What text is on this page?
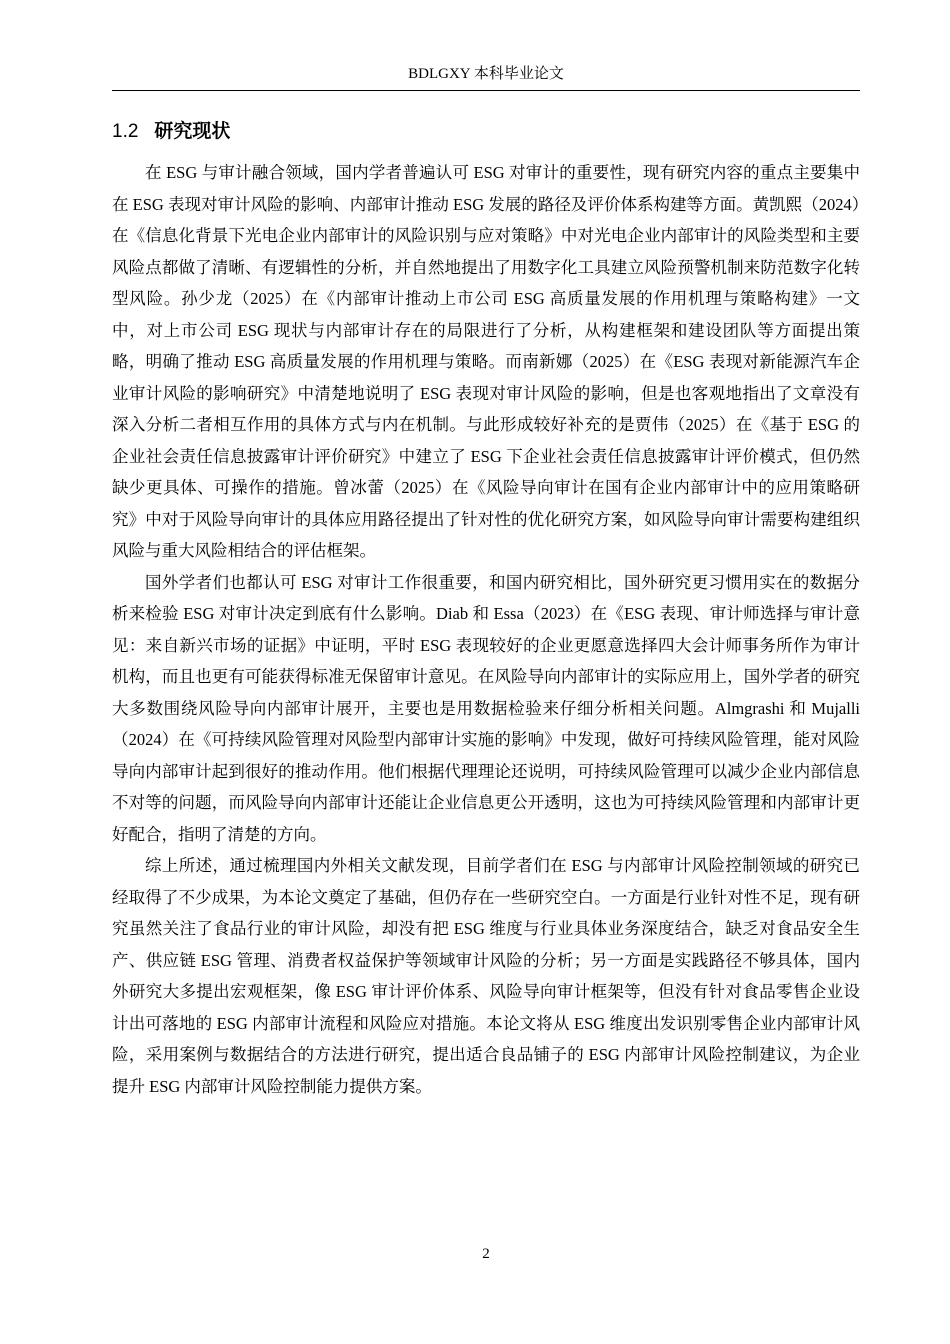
BDLGXY 本科毕业论文
1.2 研究现状

在 ESG 与审计融合领域，国内学者普遍认可 ESG 对审计的重要性，现有研究内容的重点主要集中在 ESG 表现对审计风险的影响、内部审计推动 ESG 发展的路径及评价体系构建等方面。黄凯熙（2024）在《信息化背景下光电企业内部审计的风险识别与应对策略》中对光电企业内部审计的风险类型和主要风险点都做了清晰、有逻辑性的分析，并自然地提出了用数字化工具建立风险预警机制来防范数字化转型风险。孙少龙（2025）在《内部审计推动上市公司 ESG 高质量发展的作用机理与策略构建》一文中，对上市公司 ESG 现状与内部审计存在的局限进行了分析，从构建框架和建设团队等方面提出策略，明确了推动 ESG 高质量发展的作用机理与策略。而南新娜（2025）在《ESG 表现对新能源汽车企业审计风险的影响研究》中清楚地说明了 ESG 表现对审计风险的影响，但是也客观地指出了文章没有深入分析二者相互作用的具体方式与内在机制。与此形成较好补充的是贾伟（2025）在《基于 ESG 的企业社会责任信息披露审计评价研究》中建立了 ESG 下企业社会责任信息披露审计评价模式，但仍然缺少更具体、可操作的措施。曾冰蕾（2025）在《风险导向审计在国有企业内部审计中的应用策略研究》中对于风险导向审计的具体应用路径提出了针对性的优化研究方案，如风险导向审计需要构建组织风险与重大风险相结合的评估框架。

国外学者们也都认可 ESG 对审计工作很重要，和国内研究相比，国外研究更习惯用实在的数据分析来检验 ESG 对审计决定到底有什么影响。Diab 和 Essa（2023）在《ESG 表现、审计师选择与审计意见：来自新兴市场的证据》中证明，平时 ESG 表现较好的企业更愿意选择四大会计师事务所作为审计机构，而且也更有可能获得标准无保留审计意见。在风险导向内部审计的实际应用上，国外学者的研究大多数围绕风险导向内部审计展开，主要也是用数据检验来仔细分析相关问题。Almgrashi 和 Mujalli（2024）在《可持续风险管理对风险型内部审计实施的影响》中发现，做好可持续风险管理，能对风险导向内部审计起到很好的推动作用。他们根据代理理论还说明，可持续风险管理可以减少企业内部信息不对等的问题，而风险导向内部审计还能让企业信息更公开透明，这也为可持续风险管理和内部审计更好配合，指明了清楚的方向。

综上所述，通过梳理国内外相关文献发现，目前学者们在 ESG 与内部审计风险控制领域的研究已经取得了不少成果，为本论文奠定了基础，但仍存在一些研究空白。一方面是行业针对性不足，现有研究虽然关注了食品行业的审计风险，却没有把 ESG 维度与行业具体业务深度结合，缺乏对食品安全生产、供应链 ESG 管理、消费者权益保护等领域审计风险的分析；另一方面是实践路径不够具体，国内外研究大多提出宏观框架，像 ESG 审计评价体系、风险导向审计框架等，但没有针对食品零售企业设计出可落地的 ESG 内部审计流程和风险应对措施。本论文将从 ESG 维度出发识别零售企业内部审计风险，采用案例与数据结合的方法进行研究，提出适合良品铺子的 ESG 内部审计风险控制建议，为企业提升 ESG 内部审计风险控制能力提供方案。

2
